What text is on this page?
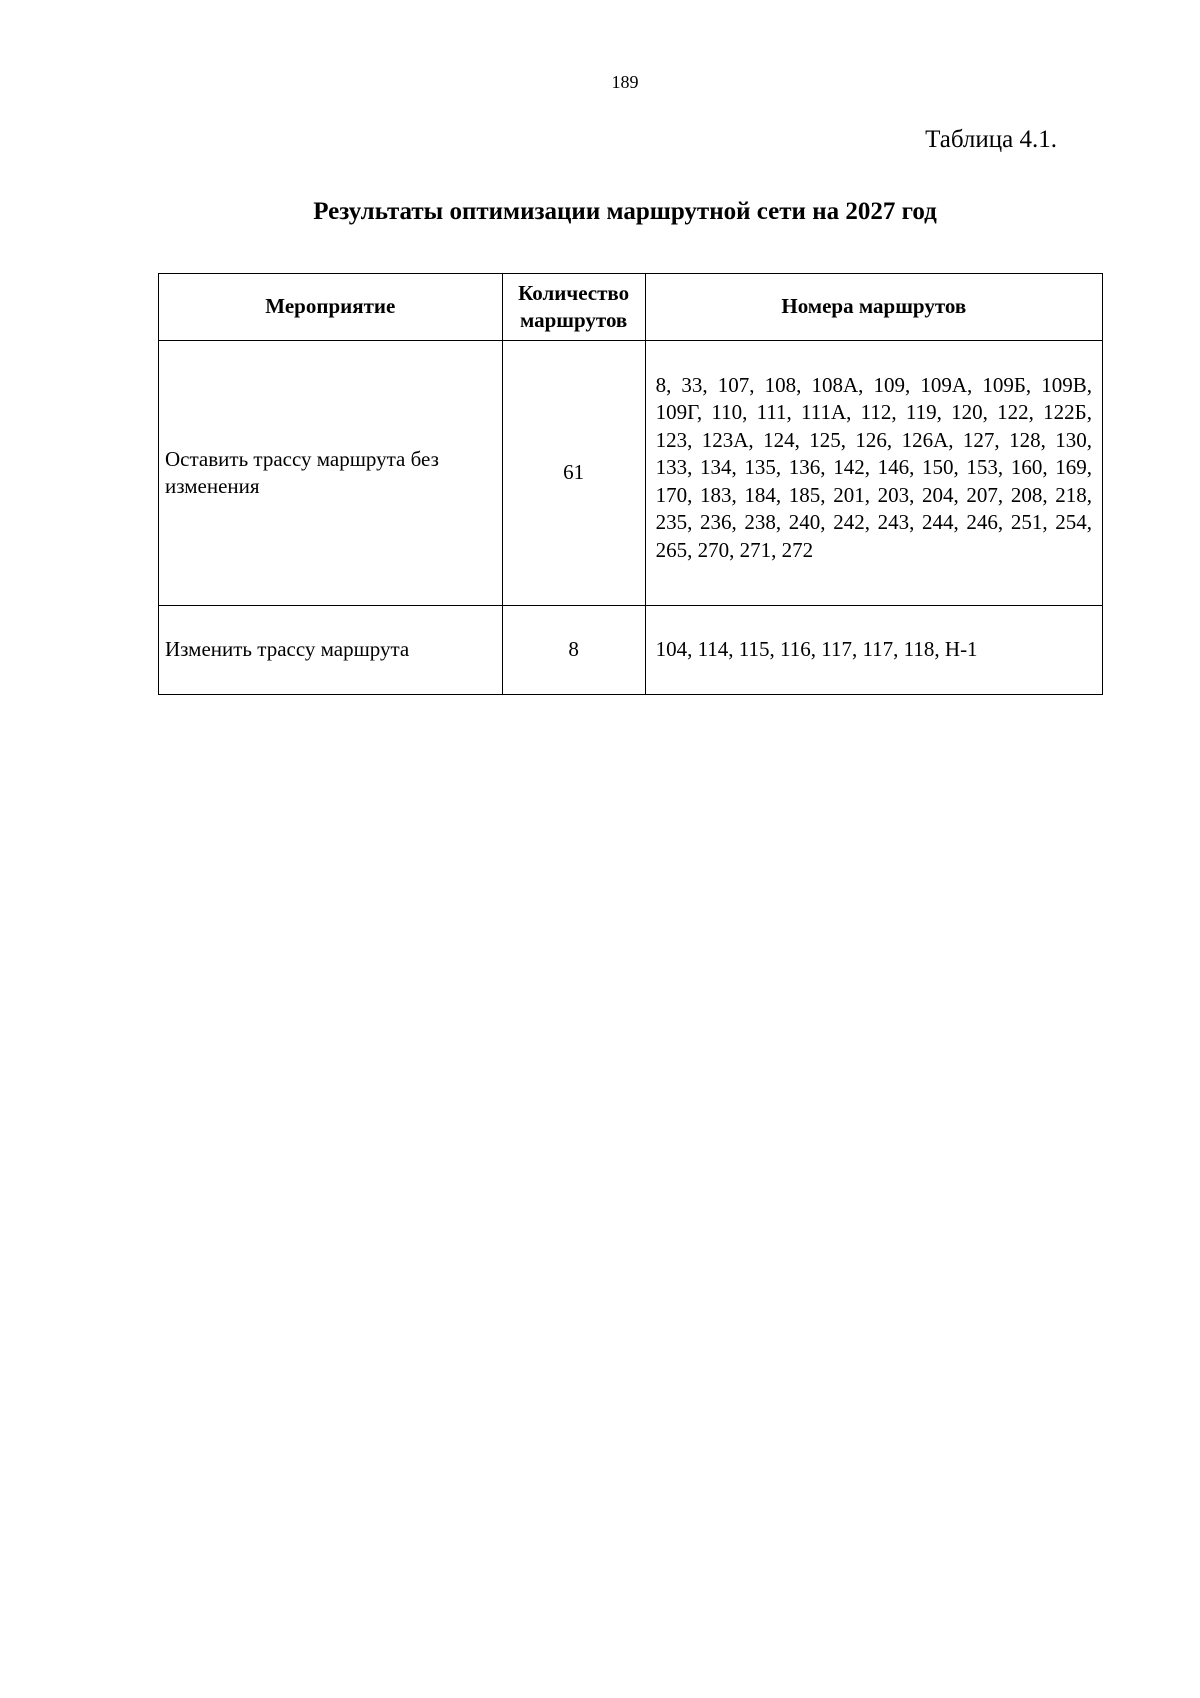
189
Таблица 4.1.
Результаты оптимизации маршрутной сети на 2027 год
Мероприятие	Количество маршрутов	Номера маршрутов
Оставить трассу маршрута без изменения	61	8, 33, 107, 108, 108А, 109, 109А, 109Б, 109В, 109Г, 110, 111, 111А, 112, 119, 120, 122, 122Б, 123, 123А, 124, 125, 126, 126А, 127, 128, 130, 133, 134, 135, 136, 142, 146, 150, 153, 160, 169, 170, 183, 184, 185, 201, 203, 204, 207, 208, 218, 235, 236, 238, 240, 242, 243, 244, 246, 251, 254, 265, 270, 271, 272
Изменить трассу маршрута	8	104, 114, 115, 116, 117, 117, 118, Н-1
